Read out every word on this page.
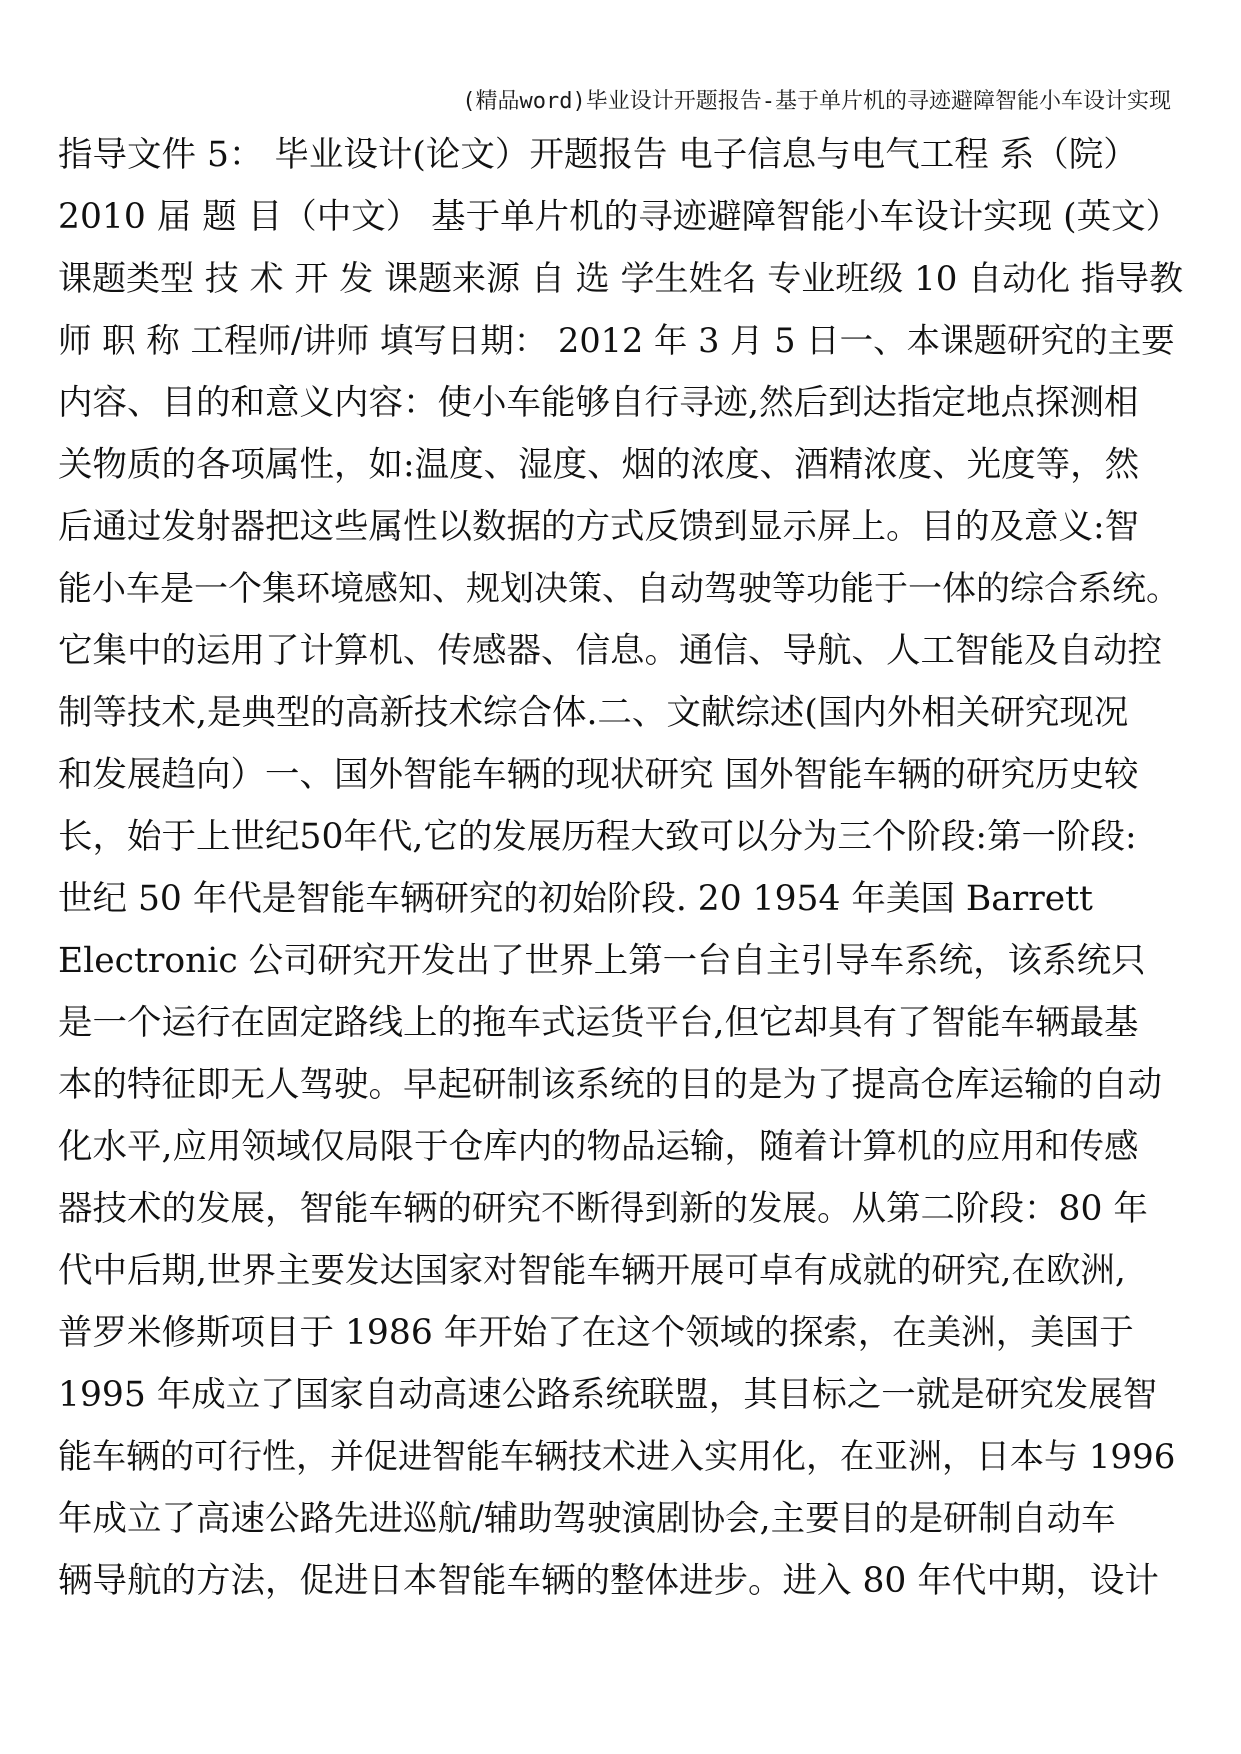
(精品word)毕业设计开题报告-基于单片机的寻迹避障智能小车设计实现
指导文件 5： 毕业设计(论文）开题报告 电子信息与电气工程 系（院）
2010 届 题 目（中文） 基于单片机的寻迹避障智能小车设计实现 (英文）
课题类型 技 术 开 发 课题来源 自 选 学生姓名 专业班级 10 自动化 指导教
师 职 称 工程师/讲师 填写日期： 2012 年 3 月 5 日一、本课题研究的主要
内容、目的和意义内容：使小车能够自行寻迹,然后到达指定地点探测相
关物质的各项属性，如:温度、湿度、烟的浓度、酒精浓度、光度等，然
后通过发射器把这些属性以数据的方式反馈到显示屏上。目的及意义:智
能小车是一个集环境感知、规划决策、自动驾驶等功能于一体的综合系统。
它集中的运用了计算机、传感器、信息。通信、导航、人工智能及自动控
制等技术,是典型的高新技术综合体.二、文献综述(国内外相关研究现况
和发展趋向）一、国外智能车辆的现状研究 国外智能车辆的研究历史较
长，始于上世纪50年代,它的发展历程大致可以分为三个阶段:第一阶段:
世纪 50 年代是智能车辆研究的初始阶段. 20 1954 年美国 Barrett
Electronic 公司研究开发出了世界上第一台自主引导车系统，该系统只
是一个运行在固定路线上的拖车式运货平台,但它却具有了智能车辆最基
本的特征即无人驾驶。早起研制该系统的目的是为了提高仓库运输的自动
化水平,应用领域仅局限于仓库内的物品运输，随着计算机的应用和传感
器技术的发展，智能车辆的研究不断得到新的发展。从第二阶段：80 年
代中后期,世界主要发达国家对智能车辆开展可卓有成就的研究,在欧洲,
普罗米修斯项目于 1986 年开始了在这个领域的探索，在美洲，美国于
1995 年成立了国家自动高速公路系统联盟，其目标之一就是研究发展智
能车辆的可行性，并促进智能车辆技术进入实用化，在亚洲，日本与 1996
年成立了高速公路先进巡航/辅助驾驶演剧协会,主要目的是研制自动车
辆导航的方法，促进日本智能车辆的整体进步。进入 80 年代中期，设计
